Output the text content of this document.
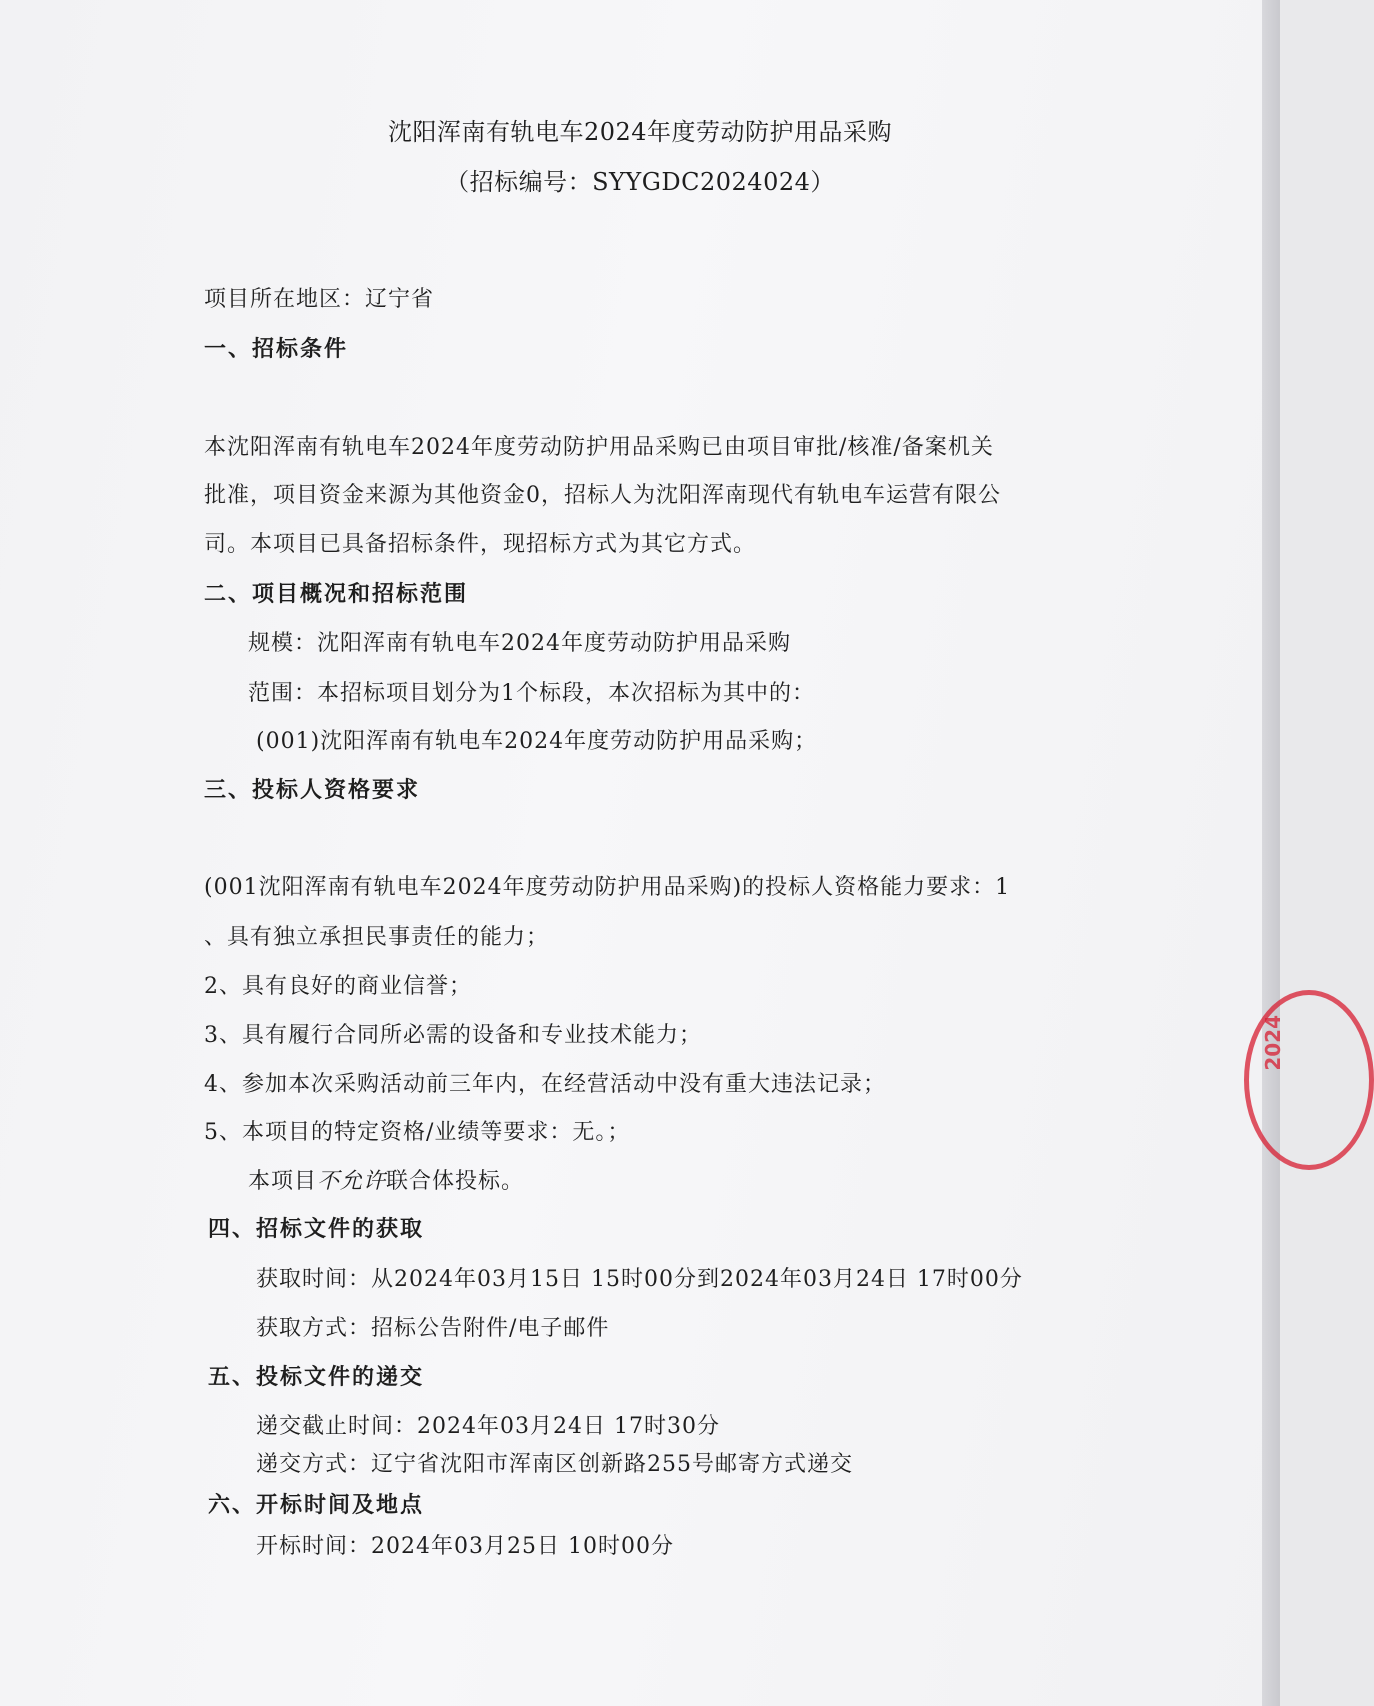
沈阳浑南有轨电车2024年度劳动防护用品采购
（招标编号：SYYGDC2024024）
项目所在地区：辽宁省
一、招标条件
本沈阳浑南有轨电车2024年度劳动防护用品采购已由项目审批/核准/备案机关
批准，项目资金来源为其他资金0，招标人为沈阳浑南现代有轨电车运营有限公
司。本项目已具备招标条件，现招标方式为其它方式。
二、项目概况和招标范围
规模：沈阳浑南有轨电车2024年度劳动防护用品采购
范围：本招标项目划分为1个标段，本次招标为其中的：
(001)沈阳浑南有轨电车2024年度劳动防护用品采购；
三、投标人资格要求
(001沈阳浑南有轨电车2024年度劳动防护用品采购)的投标人资格能力要求：1
、具有独立承担民事责任的能力；
2、具有良好的商业信誉；
3、具有履行合同所必需的设备和专业技术能力；
4、参加本次采购活动前三年内，在经营活动中没有重大违法记录；
5、本项目的特定资格/业绩等要求：无。；
本项目不允许联合体投标。
四、招标文件的获取
获取时间：从2024年03月15日 15时00分到2024年03月24日 17时00分
获取方式：招标公告附件/电子邮件
五、投标文件的递交
递交截止时间：2024年03月24日 17时30分
递交方式：辽宁省沈阳市浑南区创新路255号邮寄方式递交
六、开标时间及地点
开标时间：2024年03月25日 10时00分
2024
